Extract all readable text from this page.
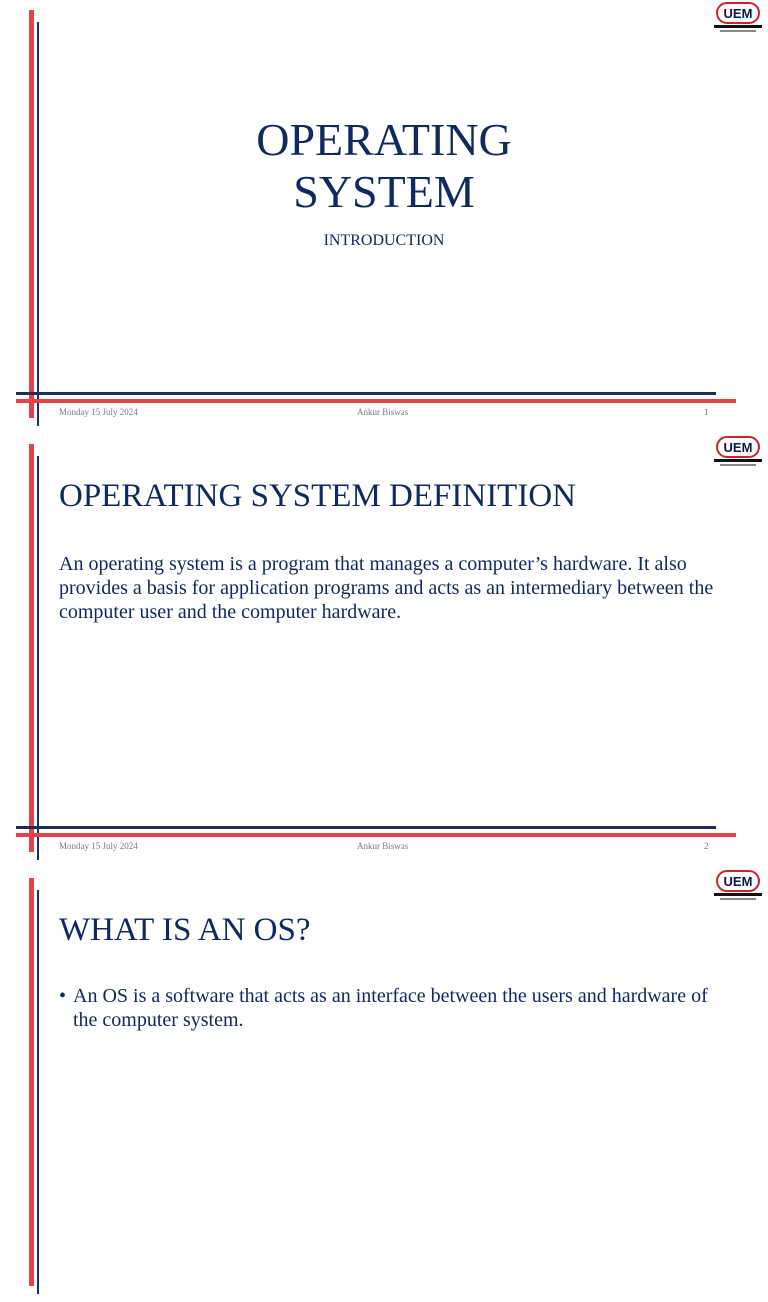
UEM
OPERATING
SYSTEM
INTRODUCTION
Monday 15 July 2024	Ankur Biswas	1
UEM
OPERATING SYSTEM DEFINITION
An operating system is a program that manages a computer’s hardware. It also provides a basis for application programs and acts as an intermediary between the computer user and the computer hardware.
Monday 15 July 2024	Ankur Biswas	2
UEM
WHAT IS AN OS?
• An OS is a software that acts as an interface between the users and hardware of the computer system.
